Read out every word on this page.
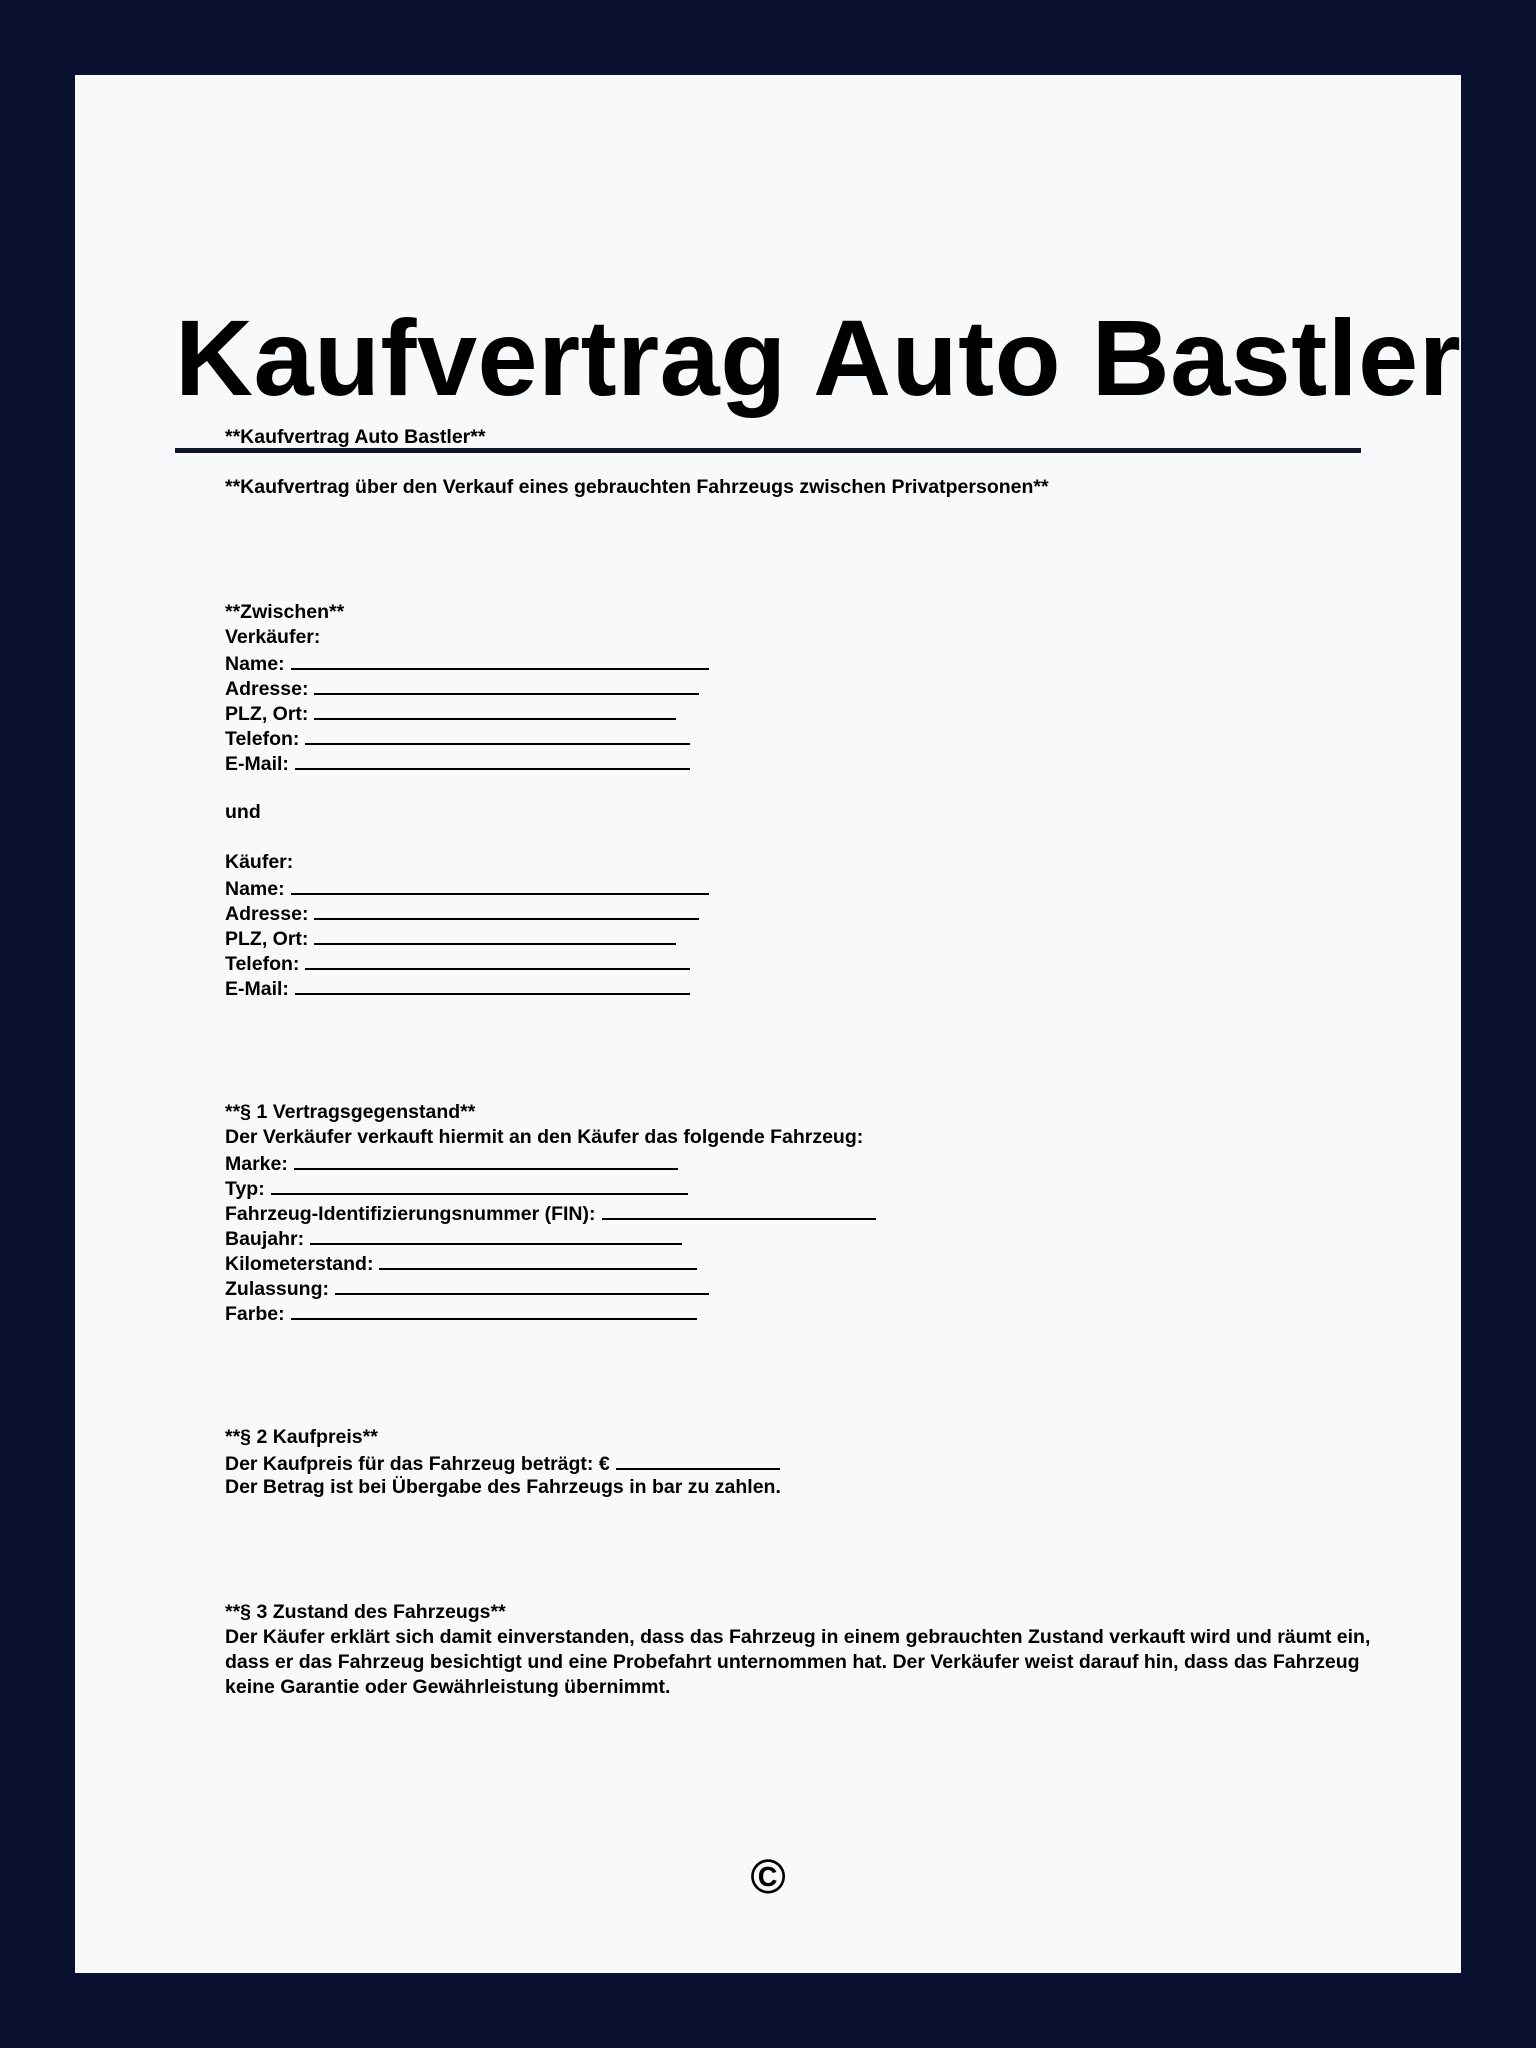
Kaufvertrag Auto Bastler
**Kaufvertrag Auto Bastler**
**Kaufvertrag über den Verkauf eines gebrauchten Fahrzeugs zwischen Privatpersonen**
**Zwischen**
Verkäufer:
Name:
Adresse:
PLZ, Ort:
Telefon:
E-Mail:
und
Käufer:
Name:
Adresse:
PLZ, Ort:
Telefon:
E-Mail:
**§ 1 Vertragsgegenstand**
Der Verkäufer verkauft hiermit an den Käufer das folgende Fahrzeug:
Marke:
Typ:
Fahrzeug-Identifizierungsnummer (FIN):
Baujahr:
Kilometerstand:
Zulassung:
Farbe:
**§ 2 Kaufpreis**
Der Kaufpreis für das Fahrzeug beträgt: €
Der Betrag ist bei Übergabe des Fahrzeugs in bar zu zahlen.
**§ 3 Zustand des Fahrzeugs**
Der Käufer erklärt sich damit einverstanden, dass das Fahrzeug in einem gebrauchten Zustand verkauft wird und räumt ein, dass er das Fahrzeug besichtigt und eine Probefahrt unternommen hat. Der Verkäufer weist darauf hin, dass das Fahrzeug keine Garantie oder Gewährleistung übernimmt.
©
